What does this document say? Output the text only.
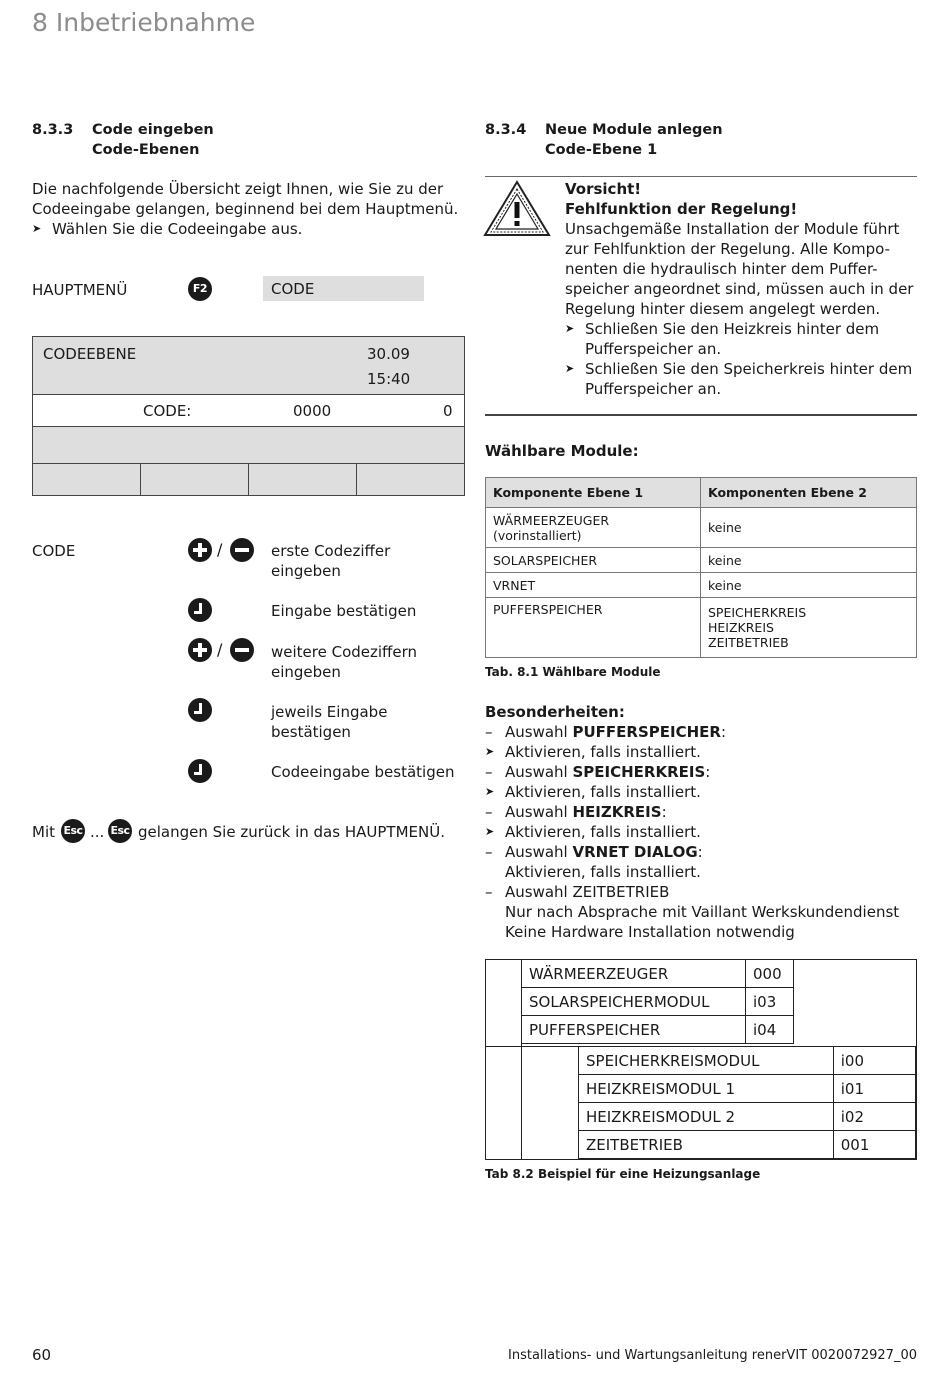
8 Inbetriebnahme
8.3.3 Code eingeben
Code-Ebenen
Die nachfolgende Übersicht zeigt Ihnen, wie Sie zu der
Codeeingabe gelangen, beginnend bei dem Hauptmenü.
➤ Wählen Sie die Codeeingabe aus.
HAUPTMENÜ	F2	CODE
CODEEBENE	30.09
15:40
CODE:	0000	0
CODE	/	erste Codeziffer
eingeben
Eingabe bestätigen
/	weitere Codeziffern
eingeben
jeweils Eingabe
bestätigen
Codeeingabe bestätigen
Mit Esc ... Esc gelangen Sie zurück in das HAUPTMENÜ.
8.3.4 Neue Module anlegen
Code-Ebene 1
Vorsicht!
Fehlfunktion der Regelung!
Unsachgemäße Installation der Module führt
zur Fehlfunktion der Regelung. Alle Kompo-
nenten die hydraulisch hinter dem Puffer-
speicher angeordnet sind, müssen auch in der
Regelung hinter diesem angelegt werden.
➤ Schließen Sie den Heizkreis hinter dem
Pufferspeicher an.
➤ Schließen Sie den Speicherkreis hinter dem
Pufferspeicher an.
Wählbare Module:
Komponente Ebene 1	Komponenten Ebene 2

WÄRMEERZEUGER
(vorinstalliert)	keine
SOLARSPEICHER	keine
VRNET	keine
PUFFERSPEICHER	SPEICHERKREIS
HEIZKREIS
ZEITBETRIEB
Tab. 8.1 Wählbare Module
Besonderheiten:
– Auswahl PUFFERSPEICHER:
➤ Aktivieren, falls installiert.
– Auswahl SPEICHERKREIS:
➤ Aktivieren, falls installiert.
– Auswahl HEIZKREIS:
➤ Aktivieren, falls installiert.
– Auswahl VRNET DIALOG:
Aktivieren, falls installiert.
– Auswahl ZEITBETRIEB
Nur nach Absprache mit Vaillant Werkskundendienst
Keine Hardware Installation notwendig
WÄRMEERZEUGER	000
SOLARSPEICHERMODUL	i03
PUFFERSPEICHER	i04
SPEICHERKREISMODUL	i00
HEIZKREISMODUL 1	i01
HEIZKREISMODUL 2	i02
ZEITBETRIEB	001
Tab 8.2 Beispiel für eine Heizungsanlage
60	Installations- und Wartungsanleitung renerVIT 0020072927_00
